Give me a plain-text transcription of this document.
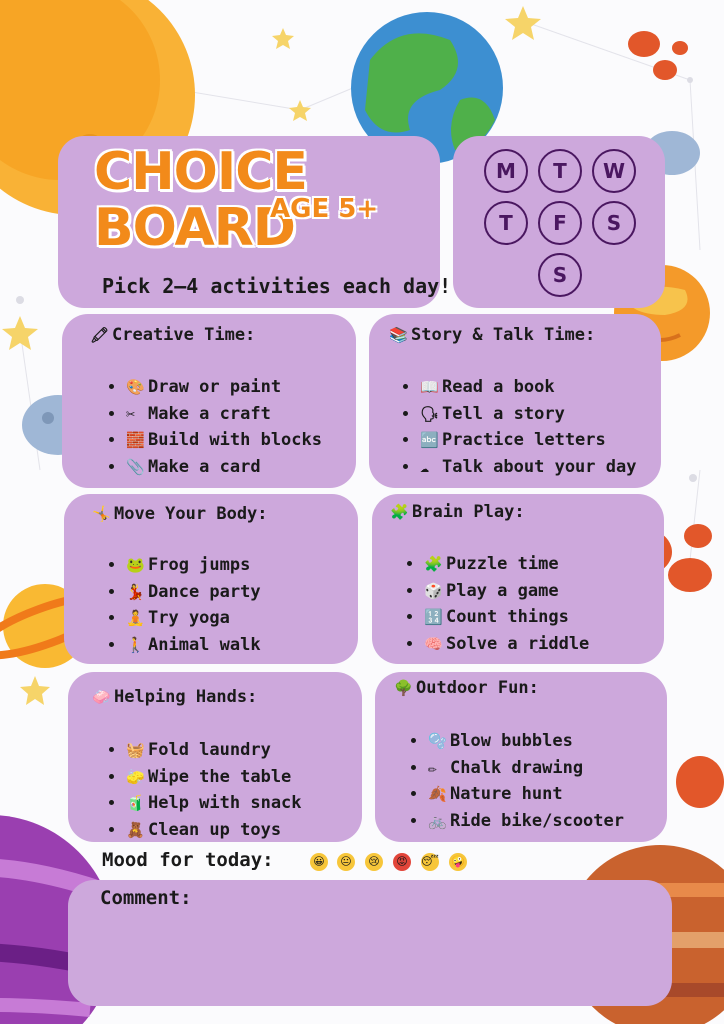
CHOICE
BOARD
AGE 5+
Pick 2–4 activities each day!
M	T	W
T	F	S
S
🖍 Creative Time:
• 🎨 Draw or paint
• ✂ Make a craft
• 🧱 Build with blocks
• 📎 Make a card
📚 Story & Talk Time:
• 📖 Read a book
• 🗣 Tell a story
• 🔤 Practice letters
• ☁ Talk about your day
🤸 Move Your Body:
• 🐸 Frog jumps
• 💃 Dance party
• 🧘 Try yoga
• 🚶 Animal walk
🧩 Brain Play:
• 🧩 Puzzle time
• 🎲 Play a game
• 🔢 Count things
• 🧠 Solve a riddle
🧼 Helping Hands:
• 🧺 Fold laundry
• 🧽 Wipe the table
• 🧃 Help with snack
• 🧸 Clean up toys
🌳 Outdoor Fun:
• 🫧 Blow bubbles
• ✏ Chalk drawing
• 🍂 Nature hunt
• 🚲 Ride bike/scooter
Mood for today:	😀 😐 😢 😡 😴 🤪
Comment:
